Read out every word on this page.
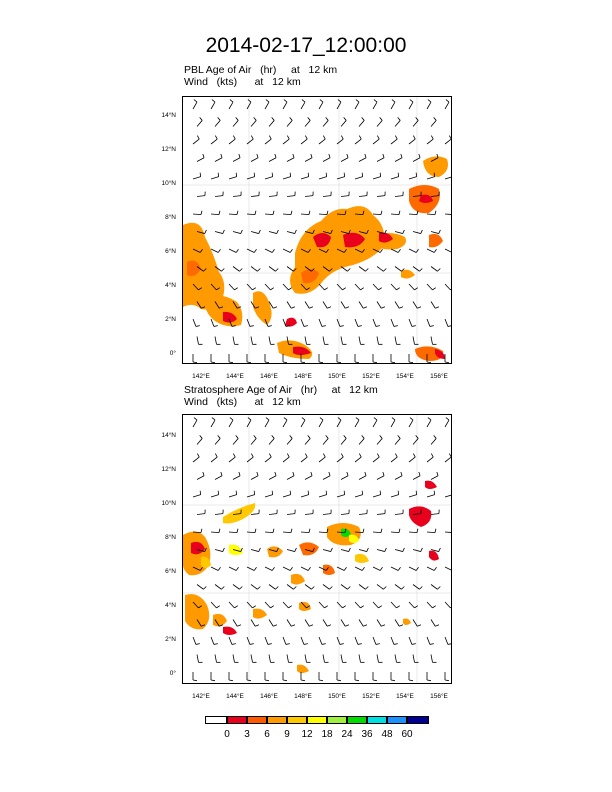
2014-02-17_12:00:00
PBL Age of Air   (hr)     at   12 km
Wind   (kts)      at   12 km
14°N
12°N
10°N
8°N
6°N
4°N
2°N
0°
142°E	144°E	146°E	148°E	150°E	152°E	154°E	156°E
Stratosphere Age of Air   (hr)     at   12 km
Wind   (kts)      at   12 km
14°N
12°N
10°N
8°N
6°N
4°N
2°N
0°
142°E	144°E	146°E	148°E	150°E	152°E	154°E	156°E
0	3	6	9	12 18 24 36 48 60
